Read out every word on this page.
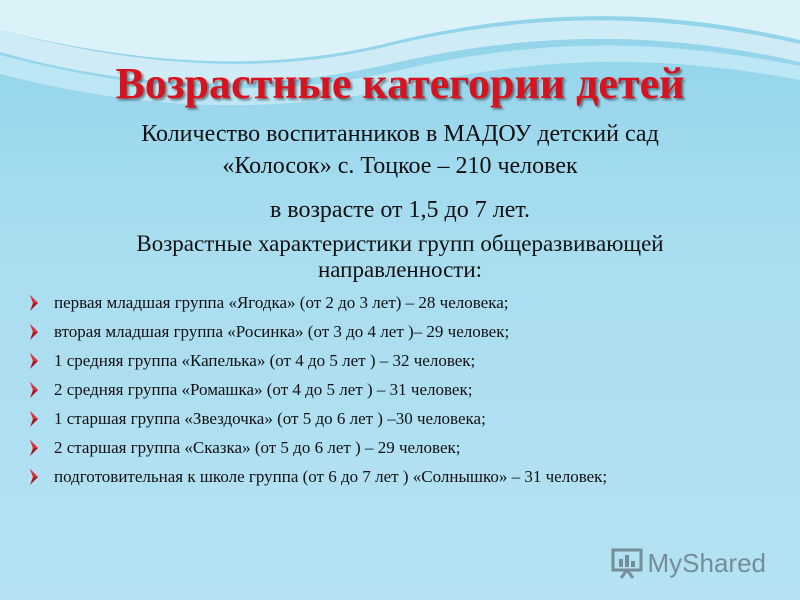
Возрастные категории детей

Количество воспитанников в МАДОУ детский сад

«Колосок» с. Тоцкое – 210 человек

в возрасте от 1,5 до 7 лет.

Возрастные характеристики групп общеразвивающей

направленности:

первая младшая группа «Ягодка» (от 2 до 3 лет) – 28 человека;
вторая младшая группа «Росинка» (от 3 до 4 лет )– 29 человек;
1 средняя группа «Капелька» (от 4 до 5 лет ) – 32 человек;
2 средняя группа «Ромашка» (от 4 до 5 лет ) – 31 человек;
1 старшая группа «Звездочка» (от 5 до 6 лет ) –30 человека;
2 старшая группа «Сказка» (от 5 до 6 лет ) – 29 человек;
подготовительная к школе группа (от 6 до 7 лет ) «Солнышко» – 31 человек;
MyShared
